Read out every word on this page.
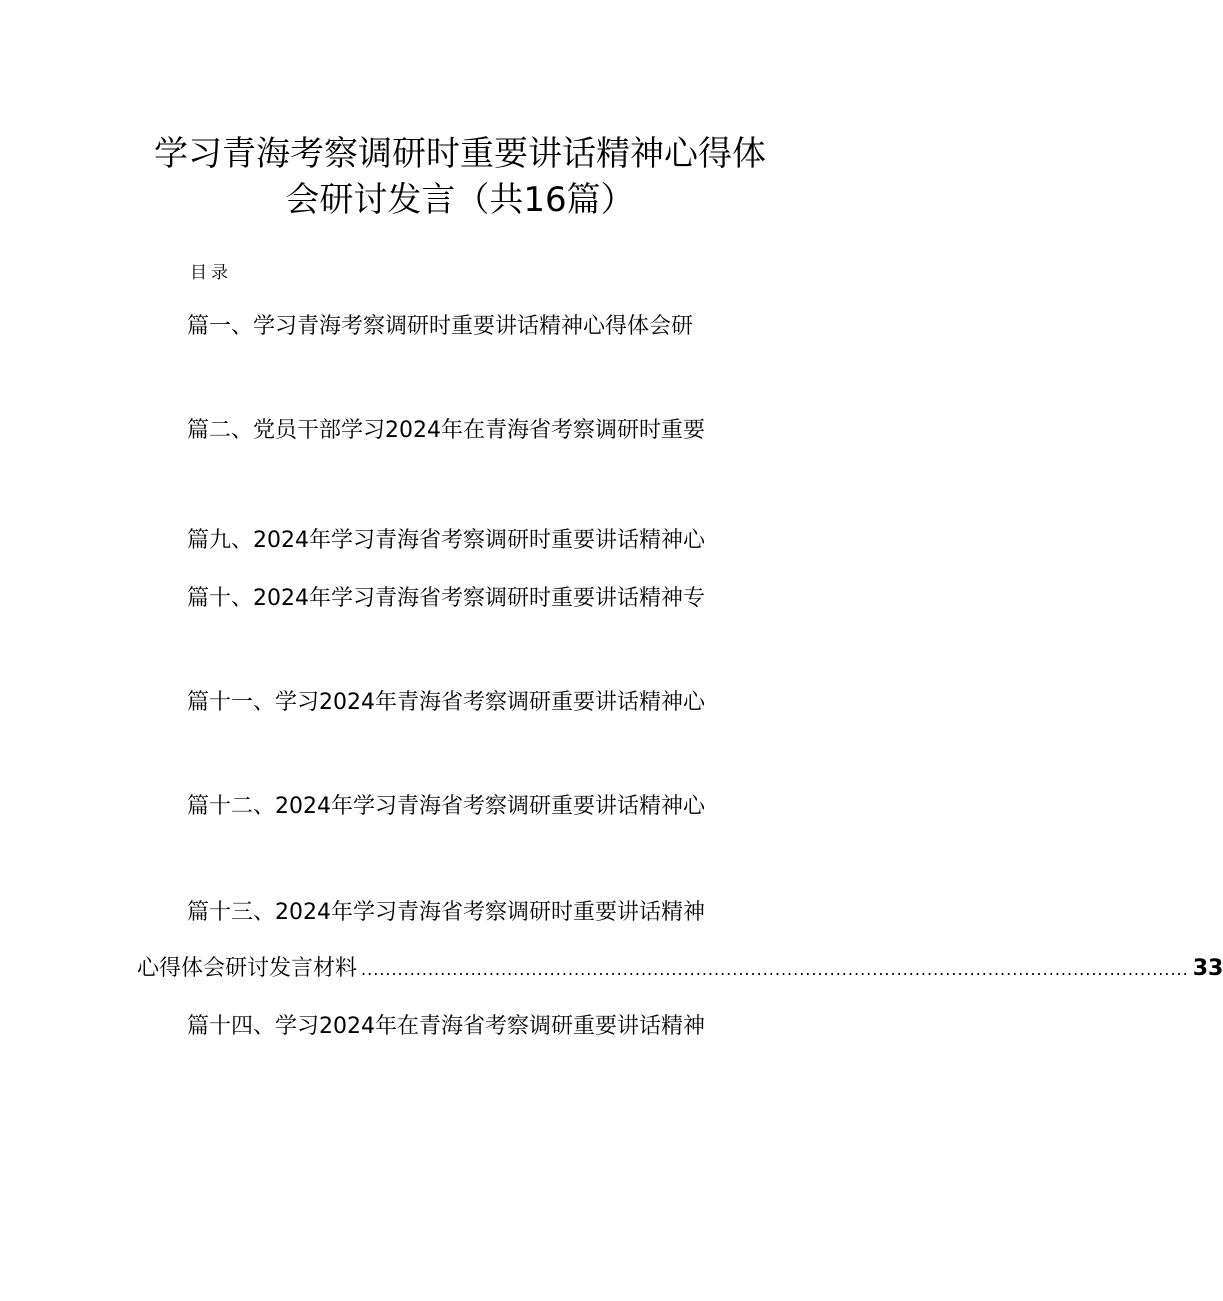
学习青海考察调研时重要讲话精神心得体
会研讨发言（共16篇）
目录
篇一、学习青海考察调研时重要讲话精神心得体会研
篇二、党员干部学习2024年在青海省考察调研时重要
篇九、2024年学习青海省考察调研时重要讲话精神心
篇十、2024年学习青海省考察调研时重要讲话精神专
篇十一、学习2024年青海省考察调研重要讲话精神心
篇十二、2024年学习青海省考察调研重要讲话精神心
篇十三、2024年学习青海省考察调研时重要讲话精神
心得体会研讨发言材料 ........................................................................................................................................ 33
篇十四、学习2024年在青海省考察调研重要讲话精神
